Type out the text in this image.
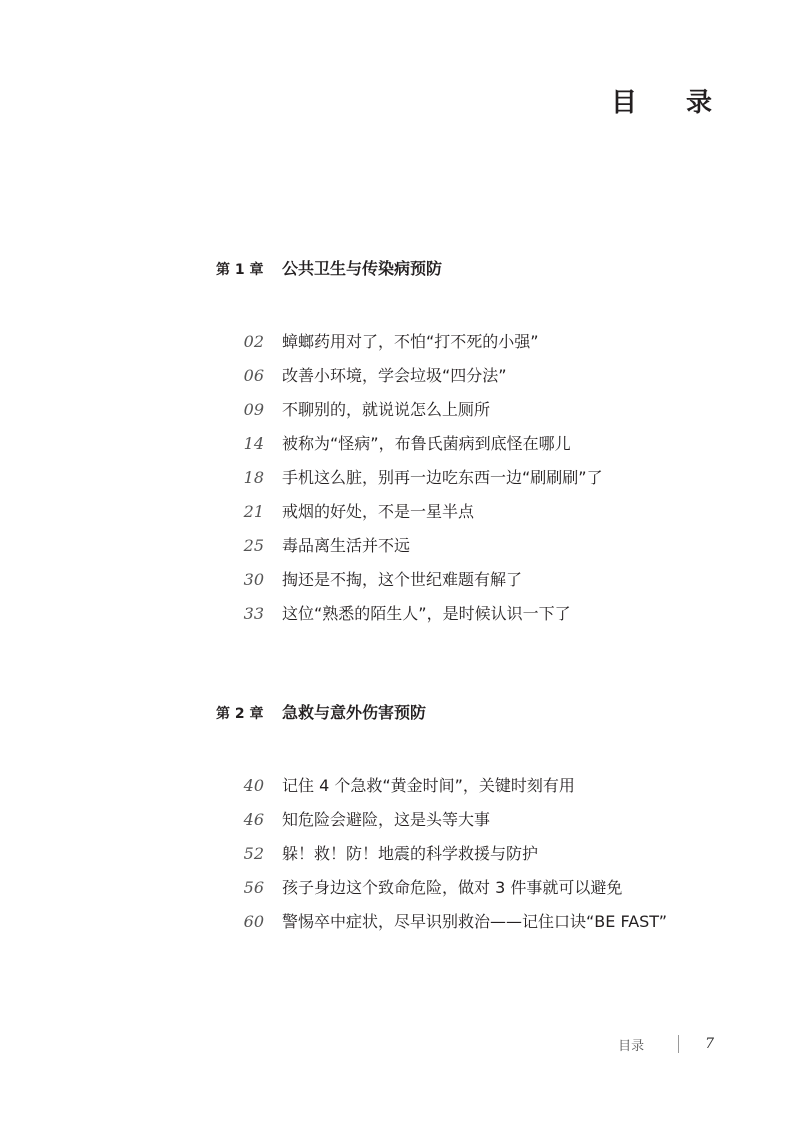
目 录
第 1 章	公共卫生与传染病预防
02 蟑螂药用对了，不怕“打不死的小强”
06 改善小环境，学会垃圾“四分法”
09 不聊别的，就说说怎么上厕所
14 被称为“怪病”，布鲁氏菌病到底怪在哪儿
18 手机这么脏，别再一边吃东西一边“刷刷刷”了
21 戒烟的好处，不是一星半点
25 毒品离生活并不远
30 掏还是不掏，这个世纪难题有解了
33 这位“熟悉的陌生人”，是时候认识一下了
第 2 章	急救与意外伤害预防
40 记住 4 个急救“黄金时间”，关键时刻有用
46 知危险会避险，这是头等大事
52 躲！救！防！地震的科学救援与防护
56 孩子身边这个致命危险，做对 3 件事就可以避免
60 警惕卒中症状，尽早识别救治——记住口诀“BE FAST”
目录	7
